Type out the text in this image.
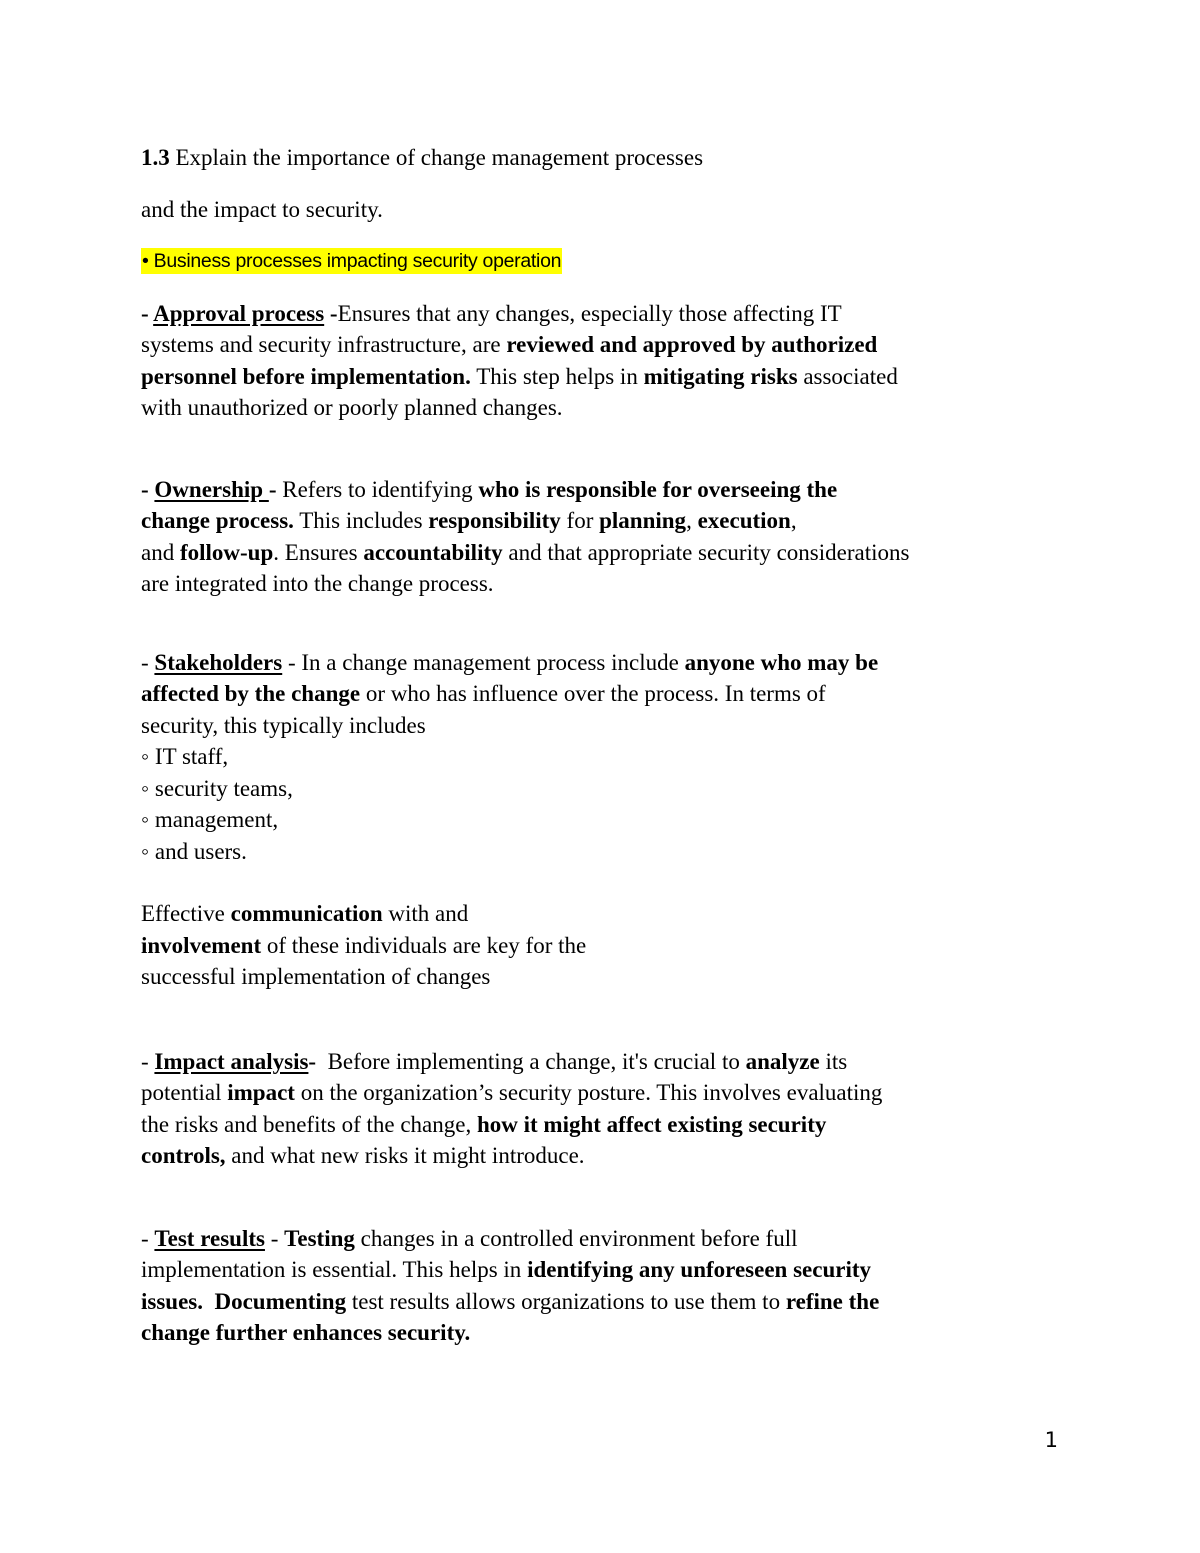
1.3 Explain the importance of change management processes

and the impact to security.

• Business processes impacting security operation

- Approval process -Ensures that any changes, especially those affecting IT

systems and security infrastructure, are reviewed and approved by authorized

personnel before implementation. This step helps in mitigating risks associated

with unauthorized or poorly planned changes.

- Ownership - Refers to identifying who is responsible for overseeing the

change process. This includes responsibility for planning, execution,

and follow-up. Ensures accountability and that appropriate security considerations

are integrated into the change process.

- Stakeholders - In a change management process include anyone who may be

affected by the change or who has influence over the process. In terms of

security, this typically includes

◦ IT staff,

◦ security teams,

◦ management,

◦ and users.

Effective communication with and

involvement of these individuals are key for the

successful implementation of changes

- Impact analysis-  Before implementing a change, it's crucial to analyze its

potential impact on the organization’s security posture. This involves evaluating

the risks and benefits of the change, how it might affect existing security

controls, and what new risks it might introduce.

- Test results - Testing changes in a controlled environment before full

implementation is essential. This helps in identifying any unforeseen security

issues.  Documenting test results allows organizations to use them to refine the

change further enhances security.

1
